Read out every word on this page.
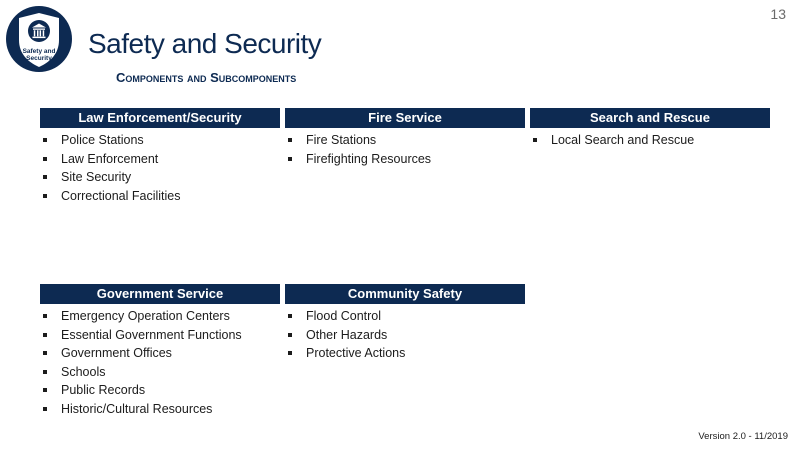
13
Safety and
Security	Safety and Security
Components and Subcomponents
Law Enforcement/Security
Police Stations
Law Enforcement
Site Security
Correctional Facilities
Fire Service
Fire Stations
Firefighting Resources
Search and Rescue
Local Search and Rescue
Government Service
Emergency Operation Centers
Essential Government Functions
Government Offices
Schools
Public Records
Historic/Cultural Resources
Community Safety
Flood Control
Other Hazards
Protective Actions
Version 2.0 - 11/2019
